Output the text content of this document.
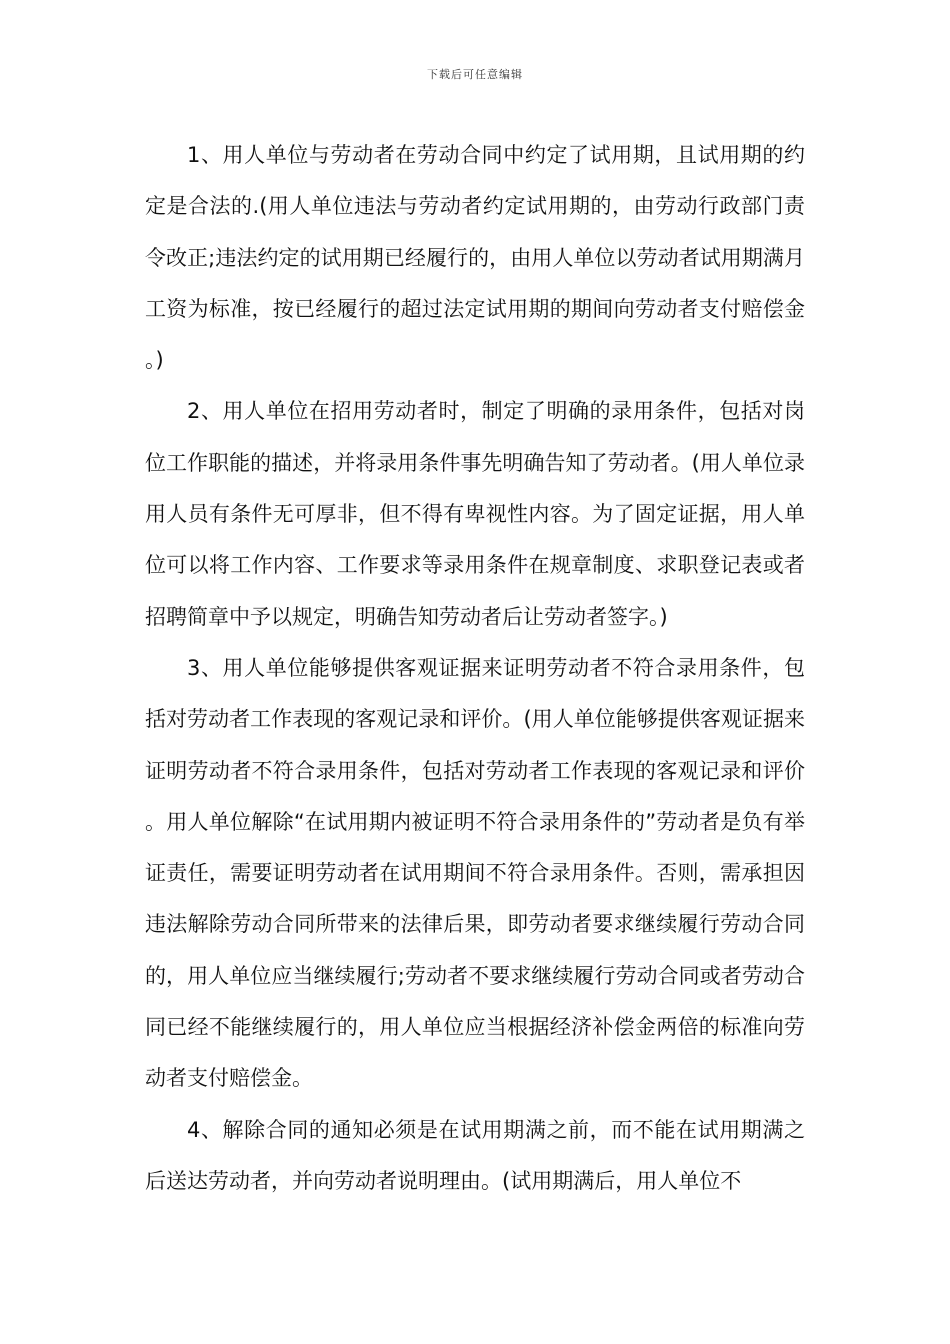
下载后可任意编辑

1、用人单位与劳动者在劳动合同中约定了试用期，且试用期的约定是合法的.(用人单位违法与劳动者约定试用期的，由劳动行政部门责令改正;违法约定的试用期已经履行的，由用人单位以劳动者试用期满月工资为标准，按已经履行的超过法定试用期的期间向劳动者支付赔偿金。)

2、用人单位在招用劳动者时，制定了明确的录用条件，包括对岗位工作职能的描述，并将录用条件事先明确告知了劳动者。(用人单位录用人员有条件无可厚非，但不得有卑视性内容。为了固定证据，用人单位可以将工作内容、工作要求等录用条件在规章制度、求职登记表或者招聘简章中予以规定，明确告知劳动者后让劳动者签字。)

3、用人单位能够提供客观证据来证明劳动者不符合录用条件，包括对劳动者工作表现的客观记录和评价。(用人单位能够提供客观证据来证明劳动者不符合录用条件，包括对劳动者工作表现的客观记录和评价。用人单位解除“在试用期内被证明不符合录用条件的”劳动者是负有举证责任，需要证明劳动者在试用期间不符合录用条件。否则，需承担因违法解除劳动合同所带来的法律后果，即劳动者要求继续履行劳动合同的，用人单位应当继续履行;劳动者不要求继续履行劳动合同或者劳动合同已经不能继续履行的，用人单位应当根据经济补偿金两倍的标准向劳动者支付赔偿金。

4、解除合同的通知必须是在试用期满之前，而不能在试用期满之后送达劳动者，并向劳动者说明理由。(试用期满后，用人单位不
